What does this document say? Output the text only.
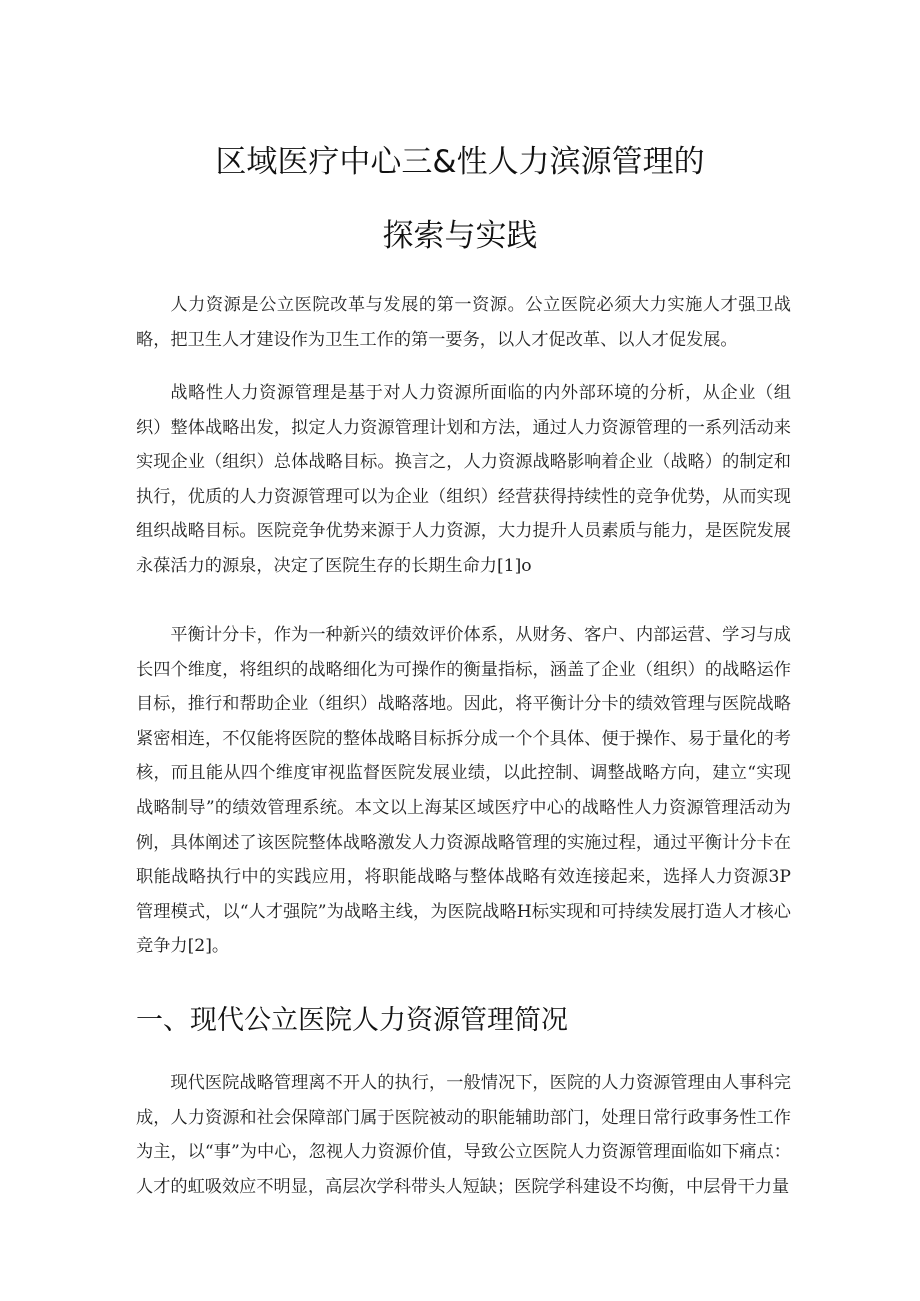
区域医疗中心三&性人力滨源管理的
探索与实践

人力资源是公立医院改革与发展的第一资源。公立医院必须大力实施人才强卫战略，把卫生人才建设作为卫生工作的第一要务，以人才促改革、以人才促发展。

战略性人力资源管理是基于对人力资源所面临的内外部环境的分析，从企业（组织）整体战略出发，拟定人力资源管理计划和方法，通过人力资源管理的一系列活动来实现企业（组织）总体战略目标。换言之，人力资源战略影响着企业（战略）的制定和执行，优质的人力资源管理可以为企业（组织）经营获得持续性的竞争优势，从而实现组织战略目标。医院竞争优势来源于人力资源，大力提升人员素质与能力，是医院发展永葆活力的源泉，决定了医院生存的长期生命力[1]o

平衡计分卡，作为一种新兴的绩效评价体系，从财务、客户、内部运营、学习与成长四个维度，将组织的战略细化为可操作的衡量指标，涵盖了企业（组织）的战略运作目标，推行和帮助企业（组织）战略落地。因此，将平衡计分卡的绩效管理与医院战略紧密相连，不仅能将医院的整体战略目标拆分成一个个具体、便于操作、易于量化的考核，而且能从四个维度审视监督医院发展业绩，以此控制、调整战略方向，建立“实现战略制导”的绩效管理系统。本文以上海某区域医疗中心的战略性人力资源管理活动为例，具体阐述了该医院整体战略激发人力资源战略管理的实施过程，通过平衡计分卡在职能战略执行中的实践应用，将职能战略与整体战略有效连接起来，选择人力资源3P管理模式，以“人才强院”为战略主线，为医院战略H标实现和可持续发展打造人才核心竞争力[2]。

一、现代公立医院人力资源管理简况

现代医院战略管理离不开人的执行，一般情况下，医院的人力资源管理由人事科完成，人力资源和社会保障部门属于医院被动的职能辅助部门，处理日常行政事务性工作为主，以“事”为中心，忽视人力资源价值，导致公立医院人力资源管理面临如下痛点：人才的虹吸效应不明显，高层次学科带头人短缺；医院学科建设不均衡，中层骨干力量
